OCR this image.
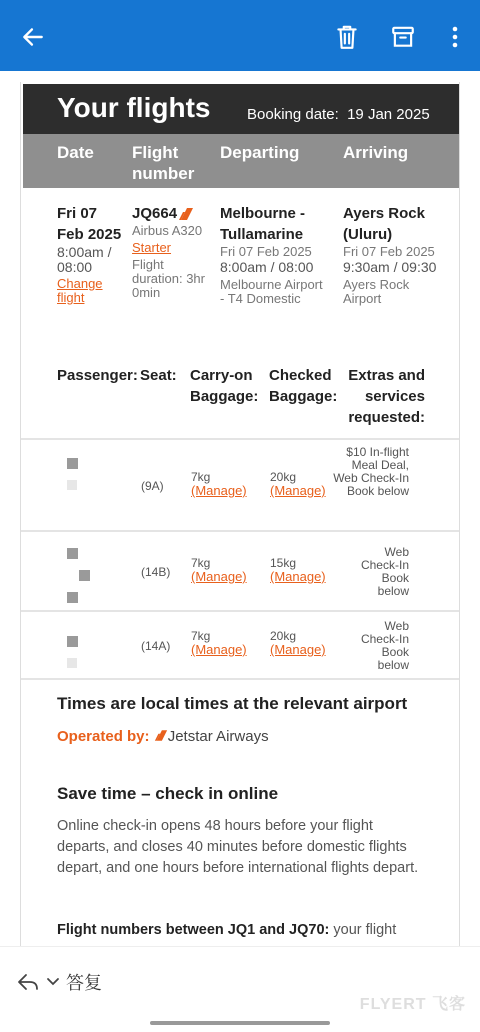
Your flights Booking date: 19 Jan 2025
Date Flight number
Departing	Arriving
Fri 07 Feb 2025
8:00am / 08:00
Change flight
JQ664
Airbus A320
Starter
Flight duration: 3hr 0min
Melbourne - Tullamarine
Fri 07 Feb 2025
8:00am / 08:00
Melbourne Airport - T4 Domestic
Ayers Rock (Uluru)
Fri 07 Feb 2025
9:30am / 09:30
Ayers Rock Airport
Passenger: Seat: Carry-on Baggage:
Checked Baggage:
Extras and services requested:
(9A)
7kg
(Manage)
20kg
(Manage)
$10 In-flight Meal Deal, Web Check-In Book below
(14B)
7kg
(Manage)
15kg
(Manage)
Web Check-In Book below
(14A)
7kg
(Manage)
20kg
(Manage)
Web Check-In Book below
Times are local times at the relevant airport
Operated by: Jetstar Airways
Save time – check in online
Online check-in opens 48 hours before your flight departs, and closes 40 minutes before domestic flights depart, and one hours before international flights depart.
Flight numbers between JQ1 and JQ70: your flight
答复
FLYERT 飞客
